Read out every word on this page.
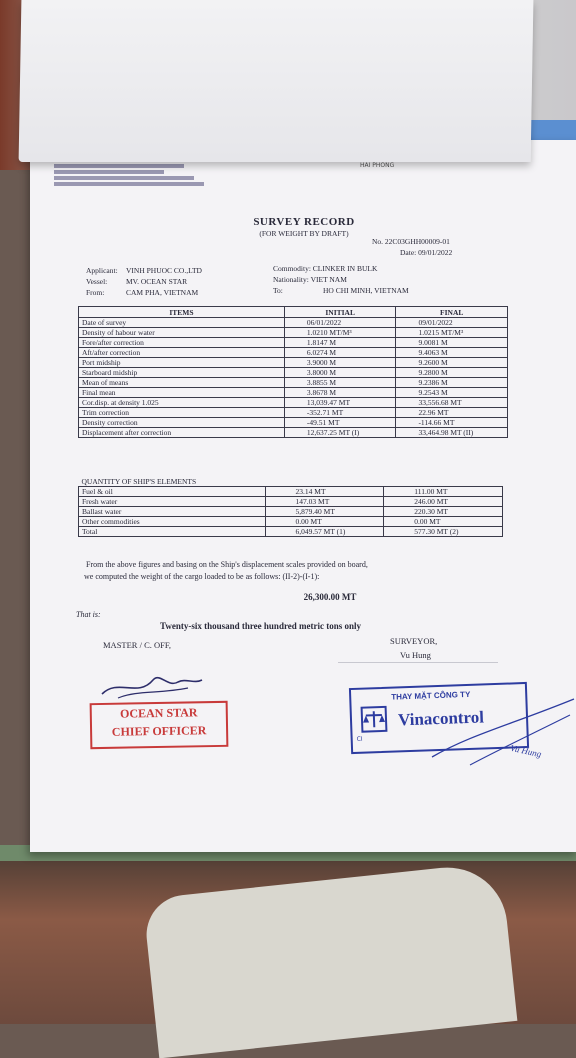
HAI PHONG
SURVEY RECORD
(FOR WEIGHT BY DRAFT)
No. 22C03GHH00009-01
Date: 09/01/2022
Applicant: VINH PHUOC CO.,LTD
Vessel:	MV. OCEAN STAR
From:	CAM PHA, VIETNAM
Commodity: CLINKER IN BULK
Nationality: VIET NAM
To:	HO CHI MINH, VIETNAM
ITEMS	INITIAL	FINAL
Date of survey	06/01/2022	09/01/2022
Density of habour water	1.0210 MT/M³	1.0215 MT/M³
Fore/after correction	1.8147 M	9.0081 M
Aft/after correction	6.0274 M	9.4063 M
Port midship	3.9000 M	9.2600 M
Starboard midship	3.8000 M	9.2800 M
Mean of means	3.8855 M	9.2386 M
Final mean	3.8678 M	9.2543 M
Cor.disp. at density 1.025	13,039.47 MT	33,556.68 MT
Trim correction	-352.71 MT	22.96 MT
Density correction	-49.51 MT	-114.66 MT
Displacement after correction	12,637.25 MT (I)	33,464.98 MT (II)
QUANTITY OF SHIP'S ELEMENTS		
Fuel & oil	23.14 MT	111.00 MT
Fresh water	147.03 MT	246.00 MT
Ballast water	5,879.40 MT	220.30 MT
Other commodities	0.00 MT	0.00 MT
Total	6,049.57 MT (1)	577.30 MT (2)
From the above figures and basing on the Ship's displacement scales provided on board,
we computed the weight of the cargo loaded to be as follows: (II-2)-(I-1):
26,300.00 MT
That is:
Twenty-six thousand three hundred metric tons only
MASTER / C. OFF,	SURVEYOR,
Vu Hung
OCEAN STAR
CHIEF OFFICER
THAY MẶT CÔNG TY
Vinacontrol
CI
Vu Hung
